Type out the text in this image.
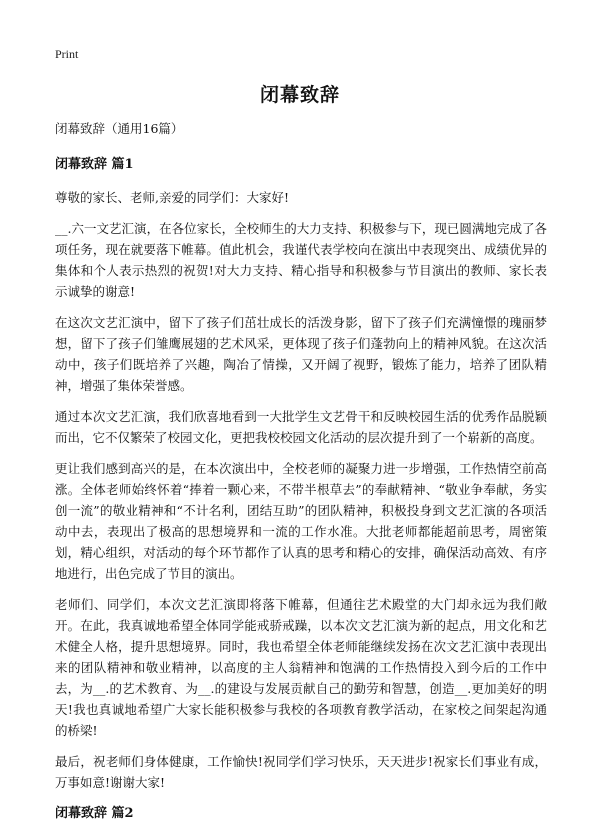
Print
闭幕致辞

闭幕致辞（通用16篇）

闭幕致辞 篇1

尊敬的家长、老师,亲爱的同学们：大家好!

__.六一文艺汇演，在各位家长，全校师生的大力支持、积极参与下，现已圆满地完成了各项任务，现在就要落下帷幕。值此机会，我谨代表学校向在演出中表现突出、成绩优异的集体和个人表示热烈的祝贺!对大力支持、精心指导和积极参与节目演出的教师、家长表示诚挚的谢意!

在这次文艺汇演中，留下了孩子们茁壮成长的活泼身影，留下了孩子们充满憧憬的瑰丽梦想，留下了孩子们雏鹰展翅的艺术风采，更体现了孩子们蓬勃向上的精神风貌。在这次活动中，孩子们既培养了兴趣，陶冶了情操，又开阔了视野，锻炼了能力，培养了团队精神，增强了集体荣誉感。

通过本次文艺汇演，我们欣喜地看到一大批学生文艺骨干和反映校园生活的优秀作品脱颖而出，它不仅繁荣了校园文化，更把我校校园文化活动的层次提升到了一个崭新的高度。

更让我们感到高兴的是，在本次演出中，全校老师的凝聚力进一步增强，工作热情空前高涨。全体老师始终怀着“捧着一颗心来，不带半根草去”的奉献精神、“敬业争奉献，务实创一流”的敬业精神和“不计名利，团结互助”的团队精神，积极投身到文艺汇演的各项活动中去，表现出了极高的思想境界和一流的工作水准。大批老师都能超前思考，周密策划，精心组织，对活动的每个环节都作了认真的思考和精心的安排，确保活动高效、有序地进行，出色完成了节目的演出。

老师们、同学们，本次文艺汇演即将落下帷幕，但通往艺术殿堂的大门却永远为我们敞开。在此，我真诚地希望全体同学能戒骄戒躁，以本次文艺汇演为新的起点，用文化和艺术健全人格，提升思想境界。同时，我也希望全体老师能继续发扬在次文艺汇演中表现出来的团队精神和敬业精神，以高度的主人翁精神和饱满的工作热情投入到今后的工作中去，为__.的艺术教育、为__.的建设与发展贡献自己的勤劳和智慧，创造__.更加美好的明天!我也真诚地希望广大家长能积极参与我校的各项教育教学活动，在家校之间架起沟通的桥梁!

最后，祝老师们身体健康，工作愉快!祝同学们学习快乐，天天进步!祝家长们事业有成，万事如意!谢谢大家!

闭幕致辞 篇2
